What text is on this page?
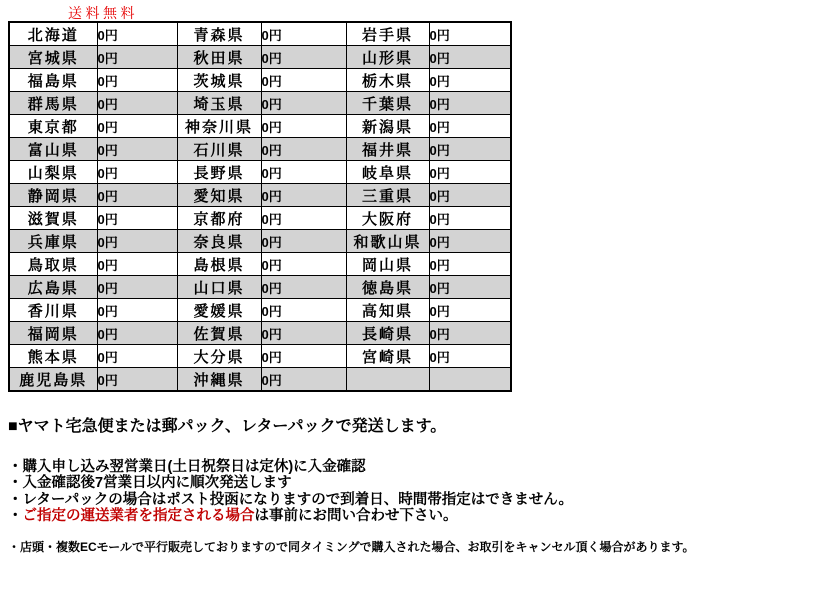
送料無料
北海道	0円	青森県	0円	岩手県	0円
宮城県	0円	秋田県	0円	山形県	0円
福島県	0円	茨城県	0円	栃木県	0円
群馬県	0円	埼玉県	0円	千葉県	0円
東京都	0円	神奈川県	0円	新潟県	0円
富山県	0円	石川県	0円	福井県	0円
山梨県	0円	長野県	0円	岐阜県	0円
静岡県	0円	愛知県	0円	三重県	0円
滋賀県	0円	京都府	0円	大阪府	0円
兵庫県	0円	奈良県	0円	和歌山県	0円
鳥取県	0円	島根県	0円	岡山県	0円
広島県	0円	山口県	0円	徳島県	0円
香川県	0円	愛媛県	0円	高知県	0円
福岡県	0円	佐賀県	0円	長崎県	0円
熊本県	0円	大分県	0円	宮崎県	0円
鹿児島県	0円	沖縄県	0円		

■ヤマト宅急便または郵パック、レターパックで発送します。

・購入申し込み翌営業日(土日祝祭日は定休)に入金確認

・入金確認後7営業日以内に順次発送します

・レターパックの場合はポスト投函になりますので到着日、時間帯指定はできません。

・ご指定の運送業者を指定される場合は事前にお問い合わせ下さい。

・店頭・複数ECモールで平行販売しておりますので同タイミングで購入された場合、お取引をキャンセル頂く場合があります。
